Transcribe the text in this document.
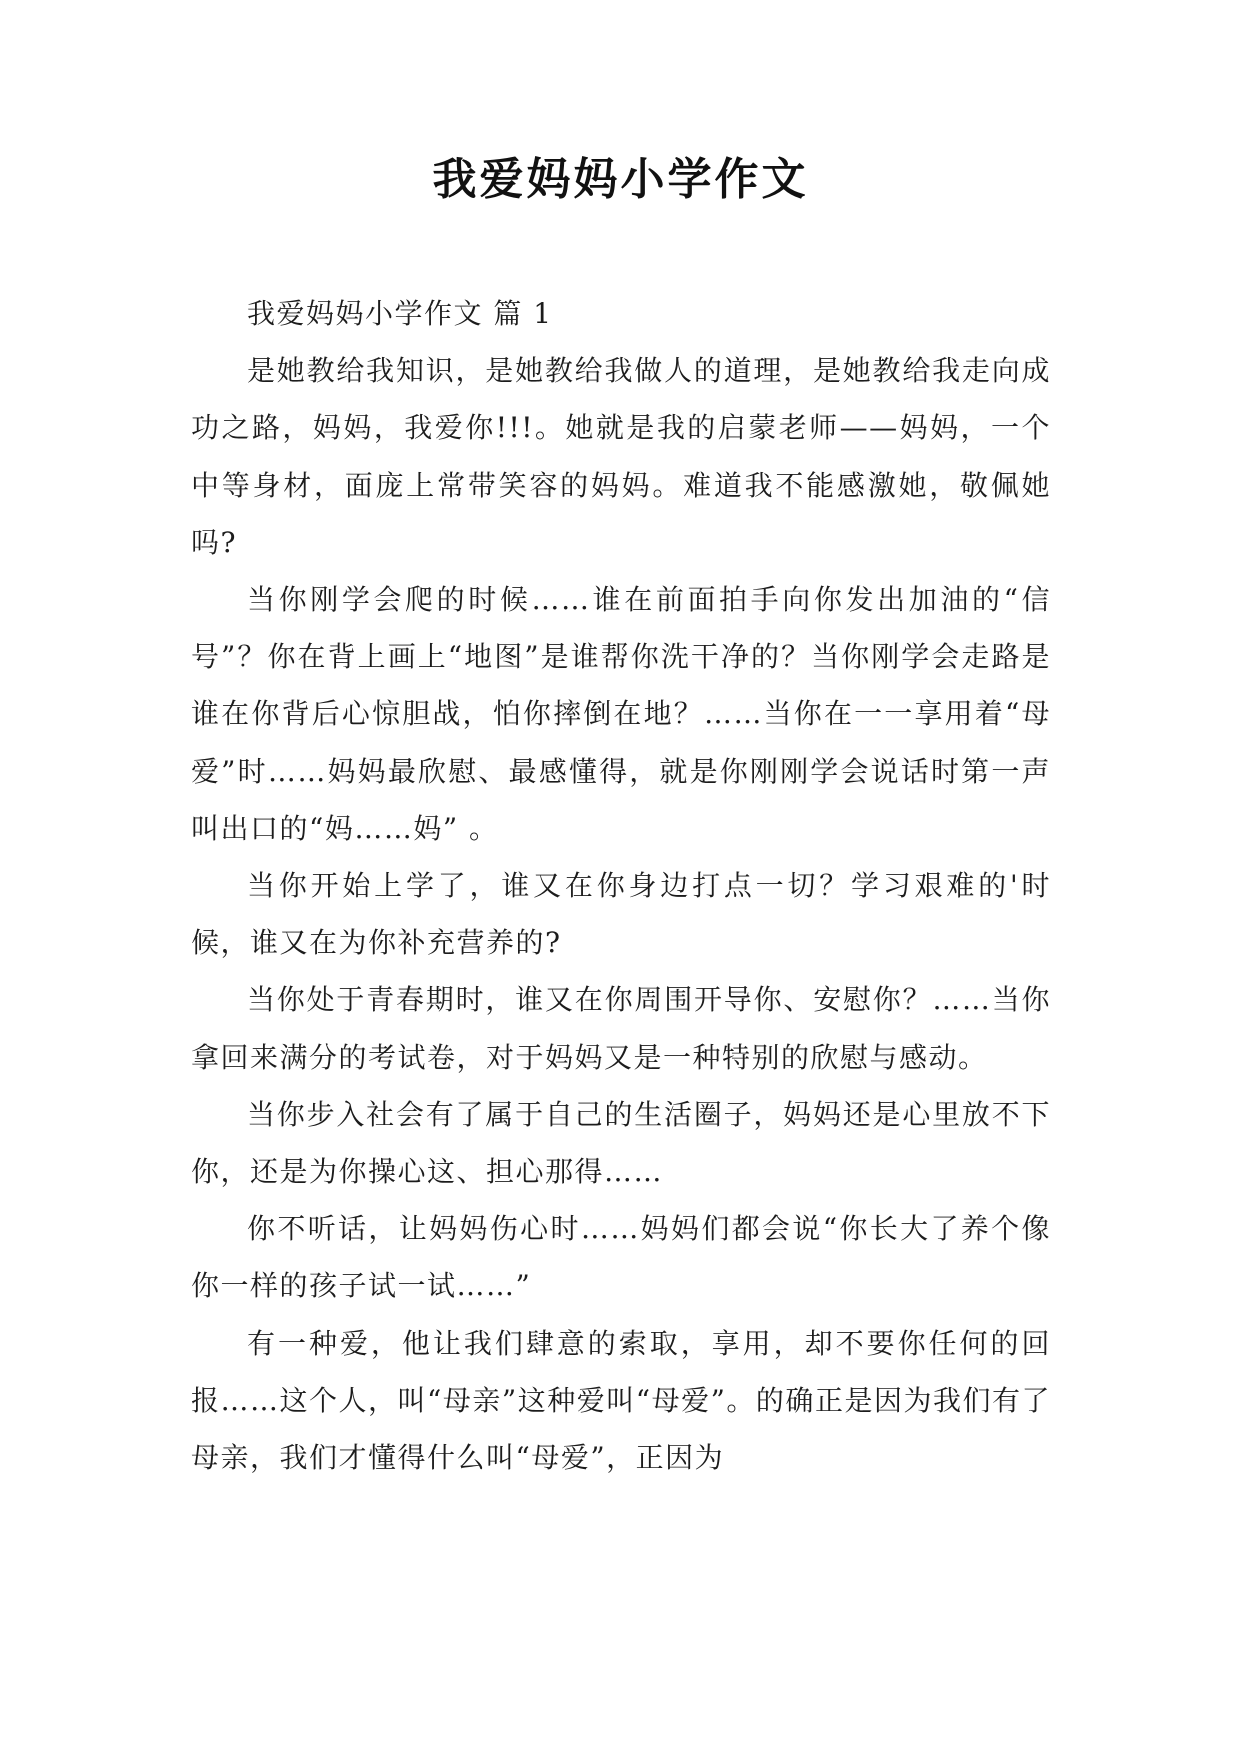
我爱妈妈小学作文

我爱妈妈小学作文 篇 1

是她教给我知识，是她教给我做人的道理，是她教给我走向成功之路，妈妈，我爱你!!!。她就是我的启蒙老师——妈妈，一个中等身材，面庞上常带笑容的妈妈。难道我不能感激她，敬佩她吗?

当你刚学会爬的时候……谁在前面拍手向你发出加油的“信号”？你在背上画上“地图”是谁帮你洗干净的？当你刚学会走路是谁在你背后心惊胆战，怕你摔倒在地？……当你在一一享用着“母爱”时……妈妈最欣慰、最感懂得，就是你刚刚学会说话时第一声叫出口的“妈……妈” 。

当你开始上学了，谁又在你身边打点一切？学习艰难的'时候，谁又在为你补充营养的?

当你处于青春期时，谁又在你周围开导你、安慰你？……当你拿回来满分的考试卷，对于妈妈又是一种特别的欣慰与感动。

当你步入社会有了属于自己的生活圈子，妈妈还是心里放不下你，还是为你操心这、担心那得……

你不听话，让妈妈伤心时……妈妈们都会说“你长大了养个像你一样的孩子试一试……”

有一种爱，他让我们肆意的索取，享用，却不要你任何的回报……这个人，叫“母亲”这种爱叫“母爱”。的确正是因为我们有了母亲，我们才懂得什么叫“母爱”，正因为
